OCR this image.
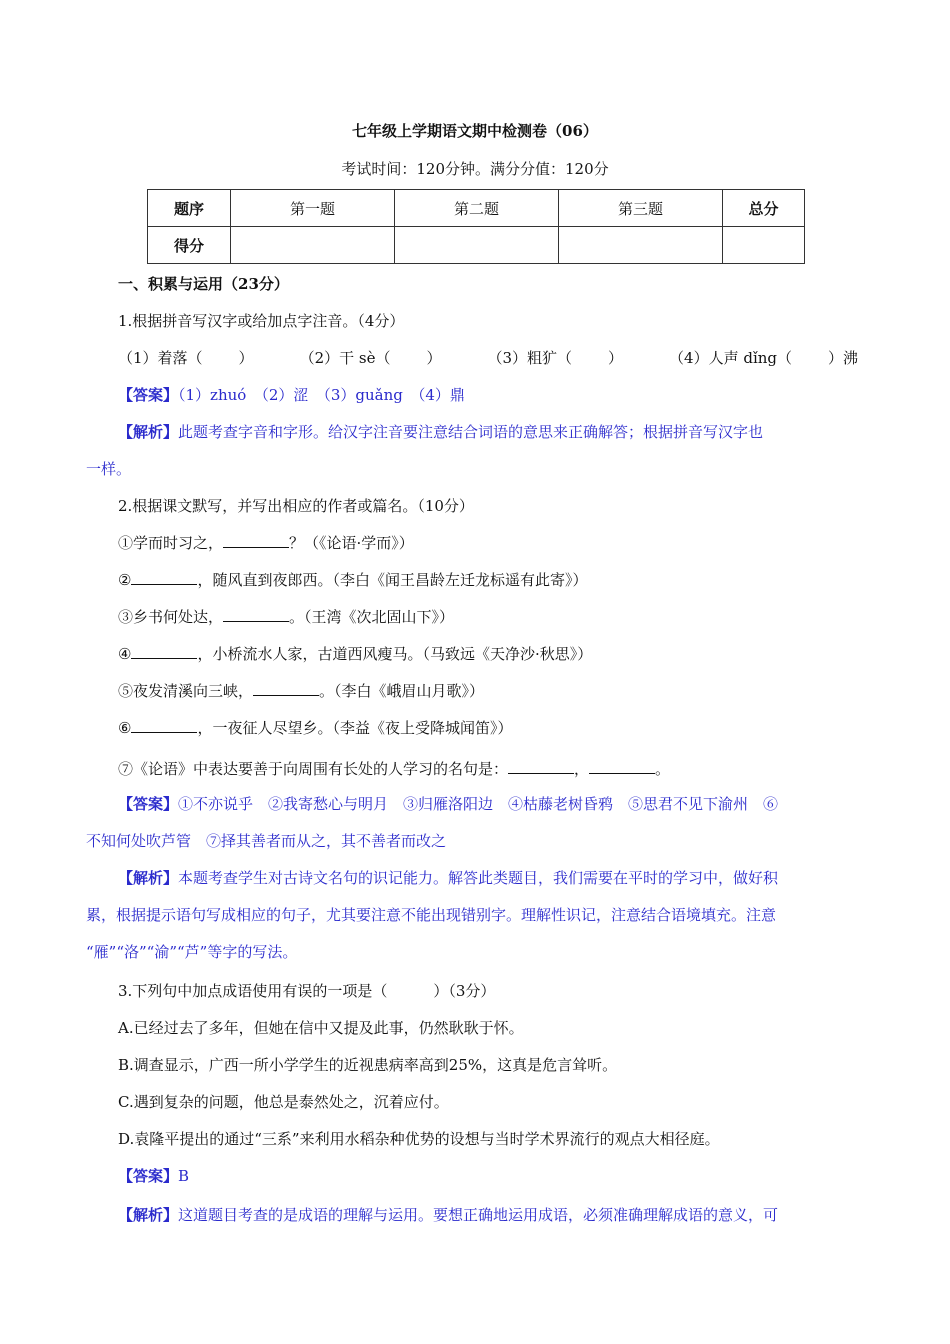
七年级上学期语文期中检测卷（06）
考试时间：120分钟。满分分值：120分
题序	第一题	第二题	第三题	总分
得分				
一、积累与运用（23分）
1.根据拼音写汉字或给加点字注音。（4分）
（1）着落（ ）	（2）干 sè（ ）	（3）粗犷（ ）	（4）人声 dǐng（ ）沸
【答案】（1）zhuó　（2）涩　（3）guǎng　（4）鼎
【解析】此题考查字音和字形。给汉字注音要注意结合词语的意思来正确解答；根据拼音写汉字也
一样。
2.根据课文默写，并写出相应的作者或篇名。（10分）
①学而时习之，	？（《论语·学而》）
②	，随风直到夜郎西。（李白《闻王昌龄左迁龙标遥有此寄》）
③乡书何处达，	。（王湾《次北固山下》）
④	，小桥流水人家，古道西风瘦马。（马致远《天净沙·秋思》）
⑤夜发清溪向三峡，	。（李白《峨眉山月歌》）
⑥	，一夜征人尽望乡。（李益《夜上受降城闻笛》）
⑦《论语》中表达要善于向周围有长处的人学习的名句是：	，	。
【答案】①不亦说乎　②我寄愁心与明月　③归雁洛阳边　④枯藤老树昏鸦　⑤思君不见下渝州　⑥
不知何处吹芦管　⑦择其善者而从之，其不善者而改之
【解析】本题考查学生对古诗文名句的识记能力。解答此类题目，我们需要在平时的学习中，做好积
累，根据提示语句写成相应的句子，尤其要注意不能出现错别字。理解性识记，注意结合语境填充。注意
“雁”“洛”“渝”“芦”等字的写法。
3.下列句中加点成语使用有误的一项是（	）（3分）
A.已经过去了多年，但她在信中又提及此事，仍然耿耿于怀。
B.调查显示，广西一所小学学生的近视患病率高到25%，这真是危言耸听。
C.遇到复杂的问题，他总是泰然处之，沉着应付。
D.袁隆平提出的通过“三系”来利用水稻杂种优势的设想与当时学术界流行的观点大相径庭。
【答案】B
【解析】这道题目考查的是成语的理解与运用。要想正确地运用成语，必须准确理解成语的意义，可
